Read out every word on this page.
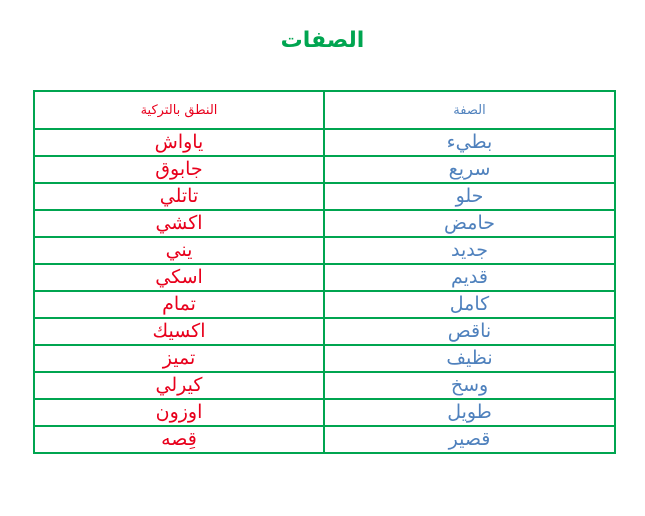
الصفات
النطق بالتركية	الصفة
ياواش	بطيء
جابوق	سريع
تاتلي	حلو
اكشي	حامض
يني	جديد
اسكي	قديم
تمام	كامل
اكسيك	ناقص
تميز	نظيف
كيرلي	وسخ
اوزون	طويل
قِصه	قصير
